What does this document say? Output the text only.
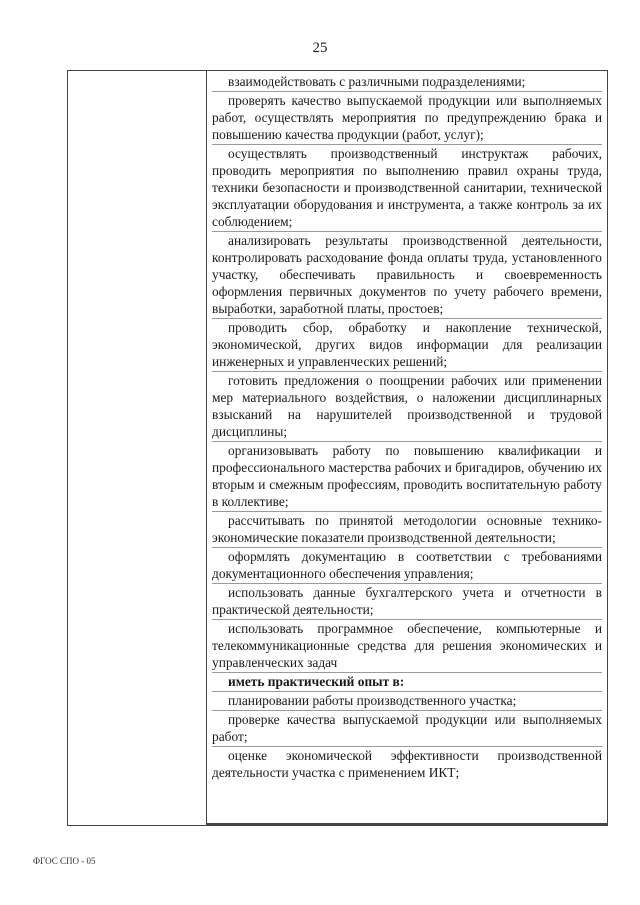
25

взаимодействовать с различными подразделениями;

проверять качество выпускаемой продукции или выполняемых работ, осуществлять мероприятия по предупреждению брака и повышению качества продукции (работ, услуг);

осуществлять производственный инструктаж рабочих, проводить мероприятия по выполнению правил охраны труда, техники безопасности и производственной санитарии, технической эксплуатации оборудования и инструмента, а также контроль за их соблюдением;

анализировать результаты производственной деятельности, контролировать расходование фонда оплаты труда, установленного участку, обеспечивать правильность и своевременность оформления первичных документов по учету рабочего времени, выработки, заработной платы, простоев;

проводить сбор, обработку и накопление технической, экономической, других видов информации для реализации инженерных и управленческих решений;

готовить предложения о поощрении рабочих или применении мер материального воздействия, о наложении дисциплинарных взысканий на нарушителей производственной и трудовой дисциплины;

организовывать работу по повышению квалификации и профессионального мастерства рабочих и бригадиров, обучению их вторым и смежным профессиям, проводить воспитательную работу в коллективе;

рассчитывать по принятой методологии основные технико-экономические показатели производственной деятельности;

оформлять документацию в соответствии с требованиями документационного обеспечения управления;

использовать данные бухгалтерского учета и отчетности в практической деятельности;

использовать программное обеспечение, компьютерные и телекоммуникационные средства для решения экономических и управленческих задач

иметь практический опыт в:

планировании работы производственного участка;

проверке качества выпускаемой продукции или выполняемых работ;

оценке экономической эффективности производственной деятельности участка с применением ИКТ;

ФГОС СПО - 05
